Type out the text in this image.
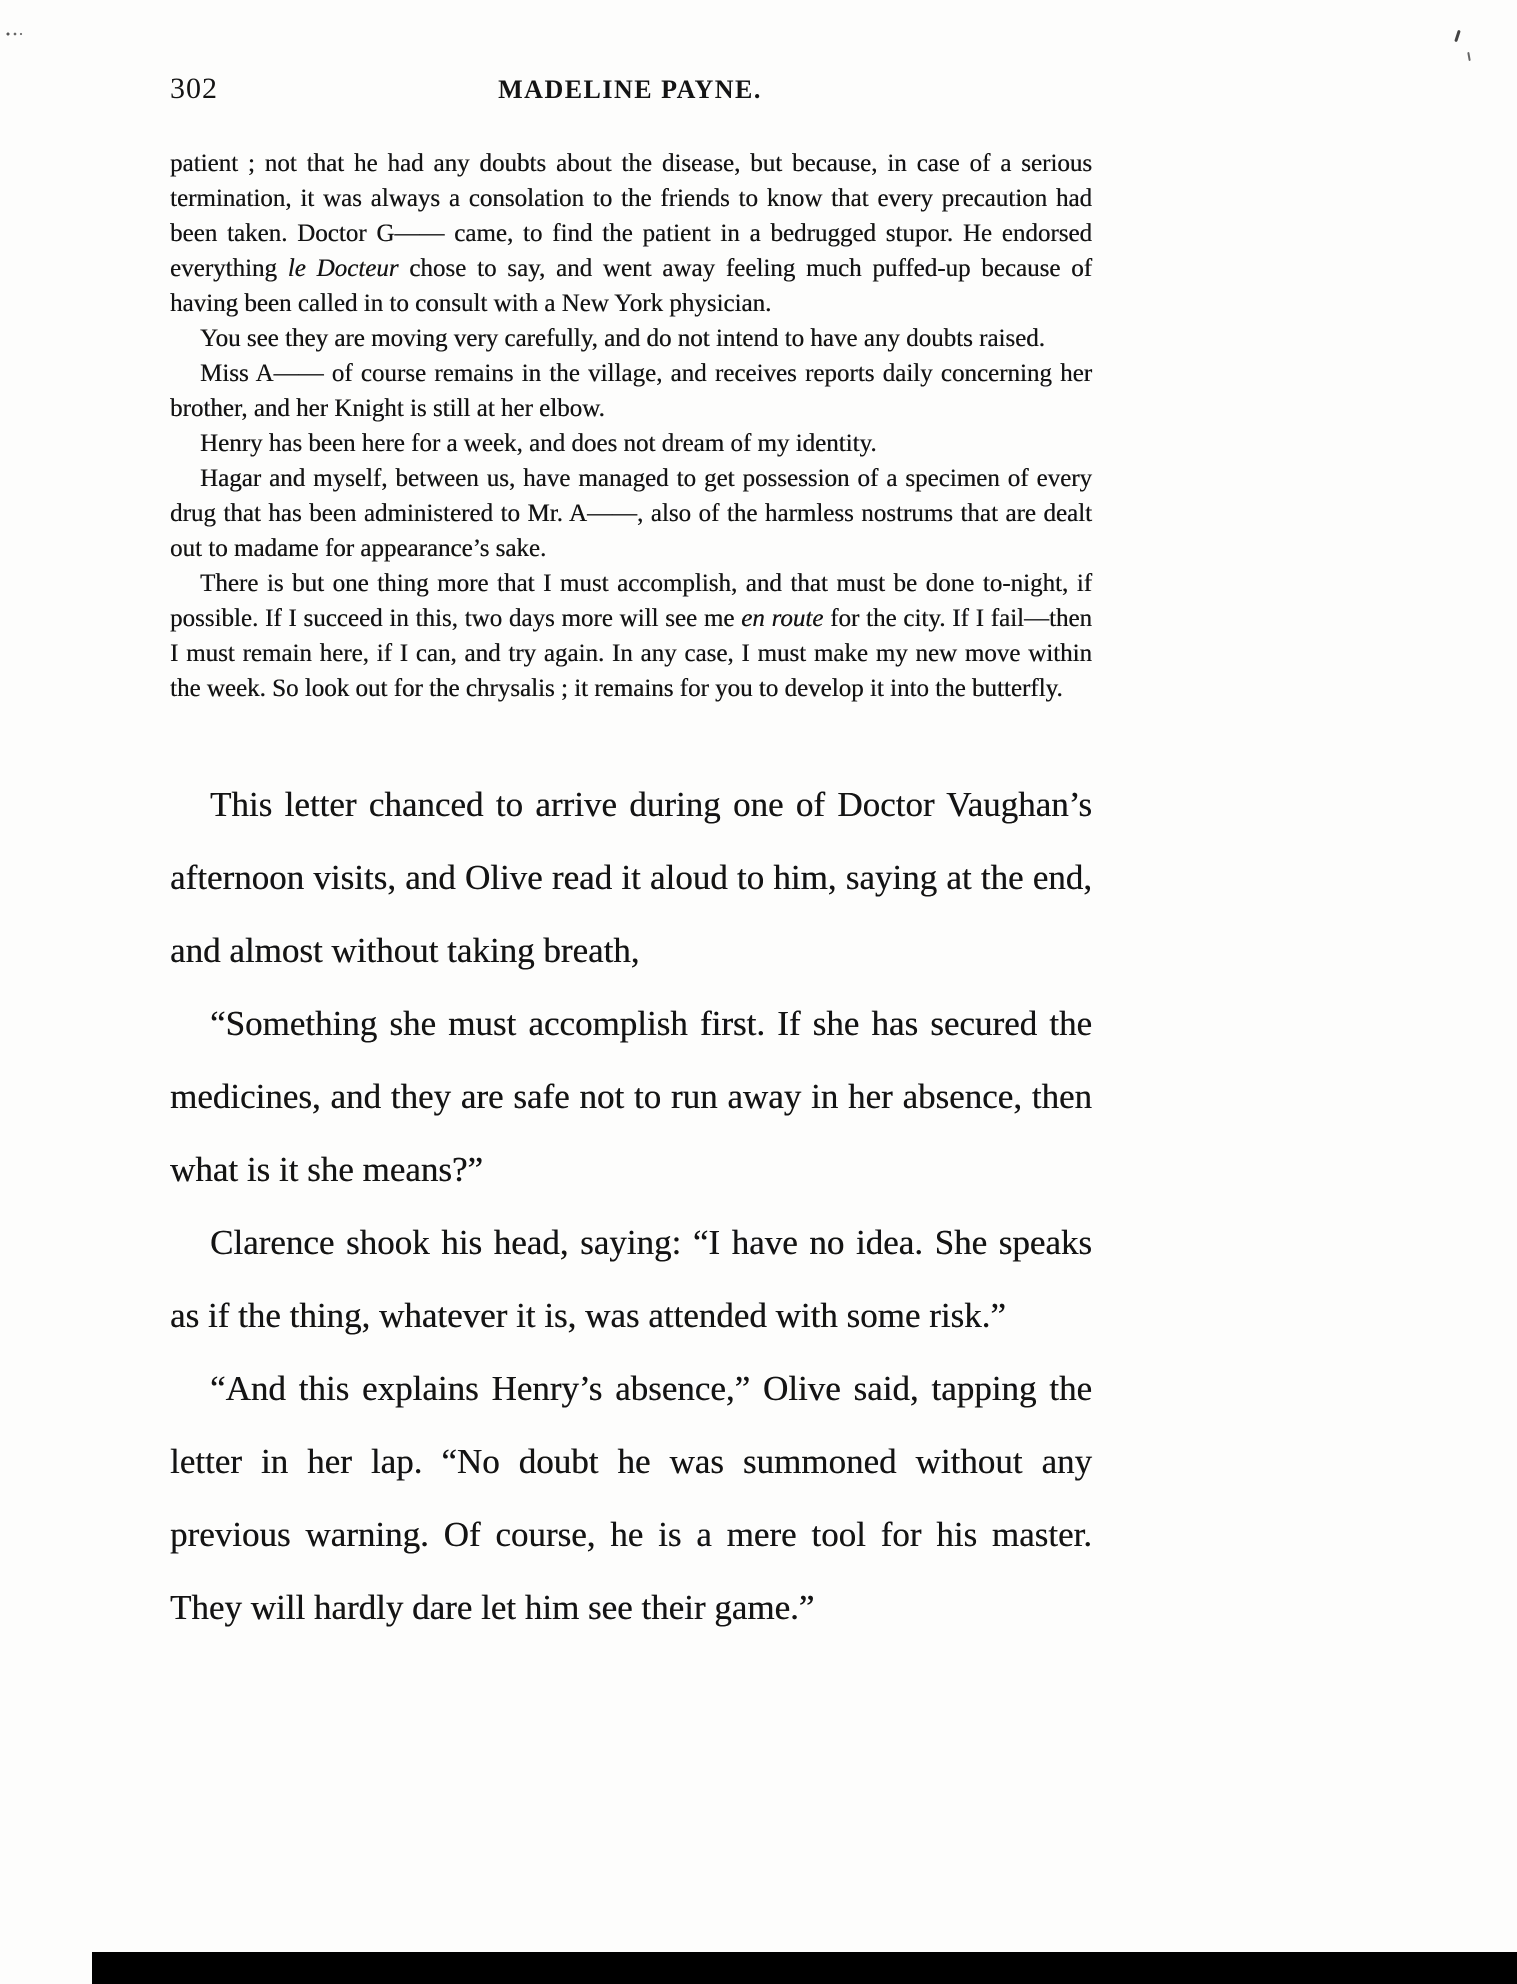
302	MADELINE PAYNE.

patient ; not that he had any doubts about the disease, but because, in case of a serious termination, it was always a consolation to the friends to know that every precaution had been taken. Doctor G—— came, to find the patient in a bedrugged stupor. He endorsed everything le Docteur chose to say, and went away feeling much puffed-up because of having been called in to consult with a New York physician.

You see they are moving very carefully, and do not intend to have any doubts raised.

Miss A—— of course remains in the village, and receives reports daily concerning her brother, and her Knight is still at her elbow.

Henry has been here for a week, and does not dream of my identity.

Hagar and myself, between us, have managed to get possession of a specimen of every drug that has been administered to Mr. A——, also of the harmless nostrums that are dealt out to madame for appearance’s sake.

There is but one thing more that I must accomplish, and that must be done to-night, if possible. If I succeed in this, two days more will see me en route for the city. If I fail—then I must remain here, if I can, and try again. In any case, I must make my new move within the week. So look out for the chrysalis ; it remains for you to develop it into the butterfly.

This letter chanced to arrive during one of Doctor Vaughan’s afternoon visits, and Olive read it aloud to him, saying at the end, and almost without taking breath,

“Something she must accomplish first. If she has secured the medicines, and they are safe not to run away in her absence, then what is it she means?”

Clarence shook his head, saying: “I have no idea. She speaks as if the thing, whatever it is, was attended with some risk.”

“And this explains Henry’s absence,” Olive said, tapping the letter in her lap. “No doubt he was summoned without any previous warning. Of course, he is a mere tool for his master. They will hardly dare let him see their game.”
